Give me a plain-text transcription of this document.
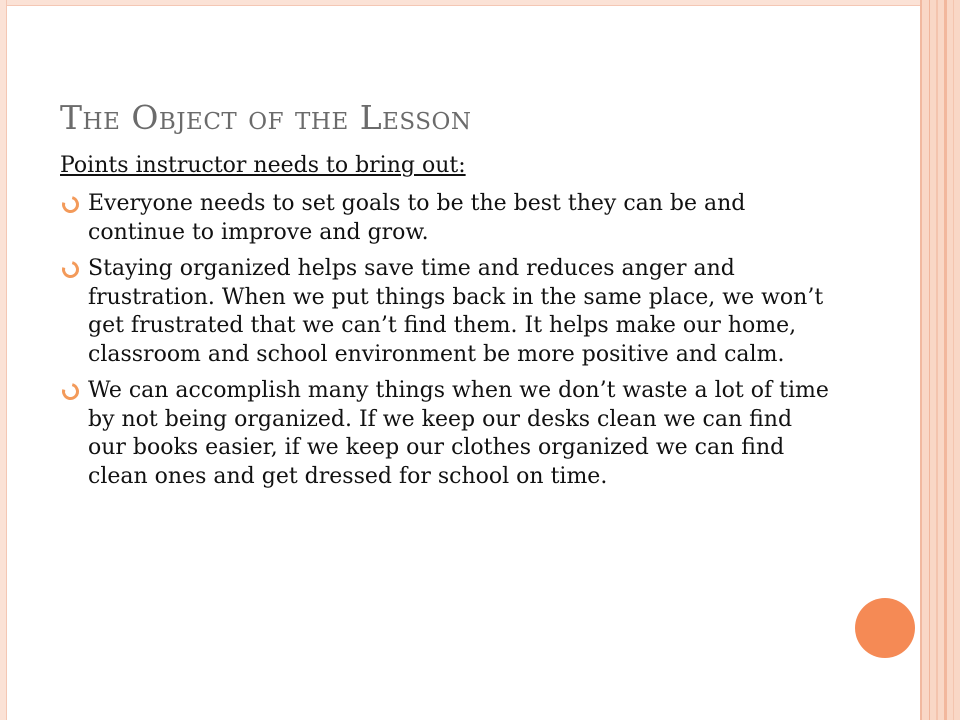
The Object of the Lesson
Points instructor needs to bring out:
Everyone needs to set goals to be the best they can be and continue to improve and grow.
Staying organized helps save time and reduces anger and frustration. When we put things back in the same place, we won’t get frustrated that we can’t find them. It helps make our home, classroom and school environment be more positive and calm.
We can accomplish many things when we don’t waste a lot of time by not being organized. If we keep our desks clean we can find our books easier, if we keep our clothes organized we can find clean ones and get dressed for school on time.
